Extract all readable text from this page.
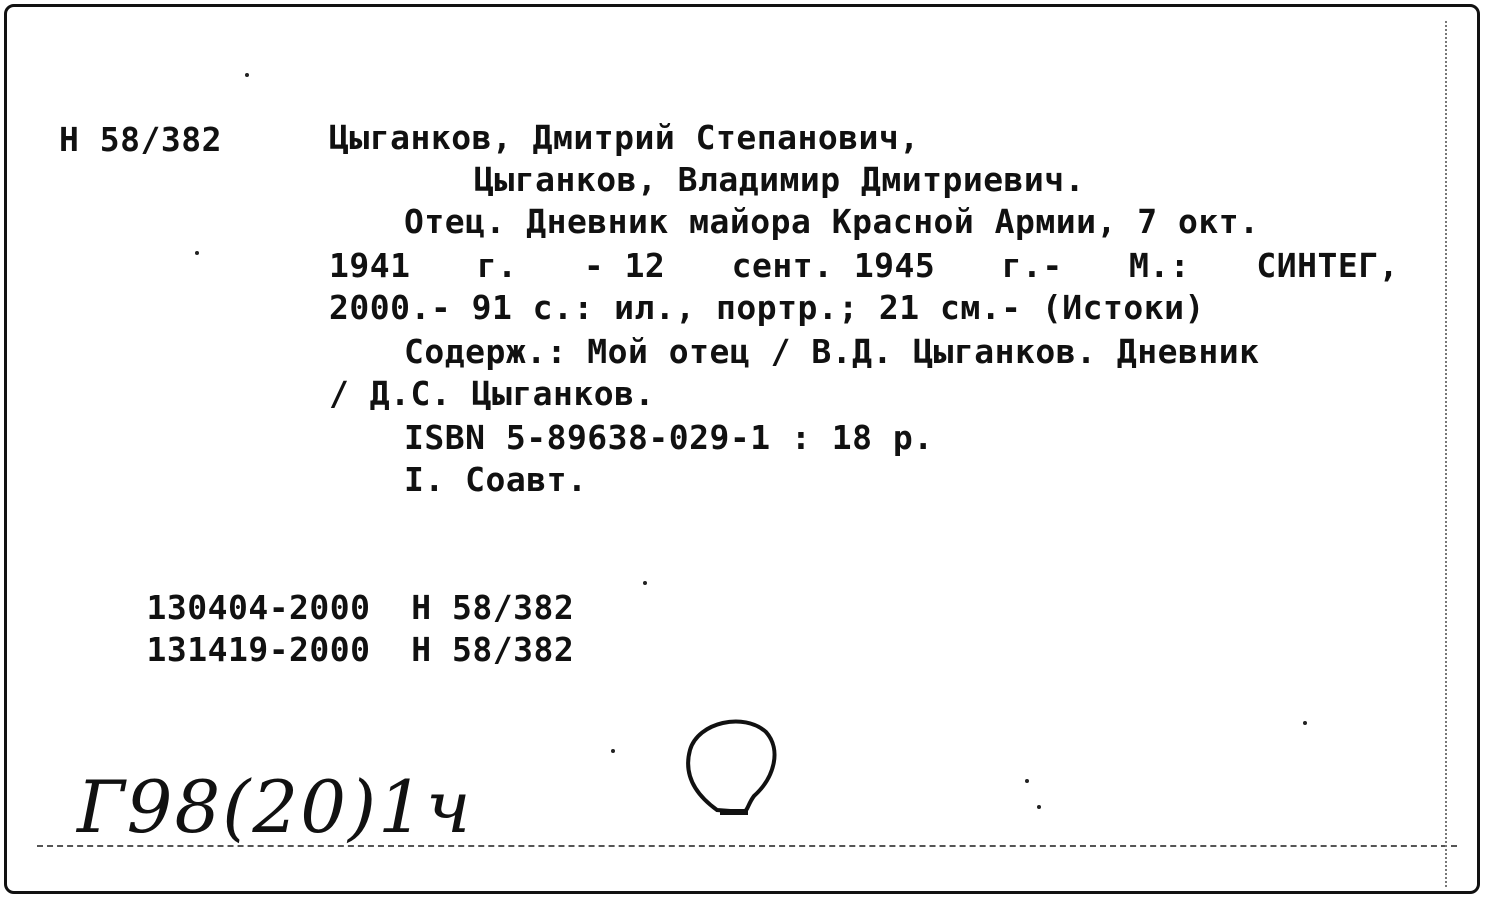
Н 58/382	Цыганков, Дмитрий Степанович,
Цыганков, Владимир Дмитриевич.
Отец. Дневник майора Красной Армии, 7 окт.
1941 г. - 12 сент. 1945 г.- М.: СИНТЕГ,
2000.- 91 с.: ил., портр.; 21 см.- (Истоки)
Содерж.: Мой отец / В.Д. Цыганков. Дневник
/ Д.С. Цыганков.
ISBN 5-89638-029-1 : 18 р.
I. Соавт.

130404-2000 Н 58/382

131419-2000 Н 58/382

Г98(20)1ч
